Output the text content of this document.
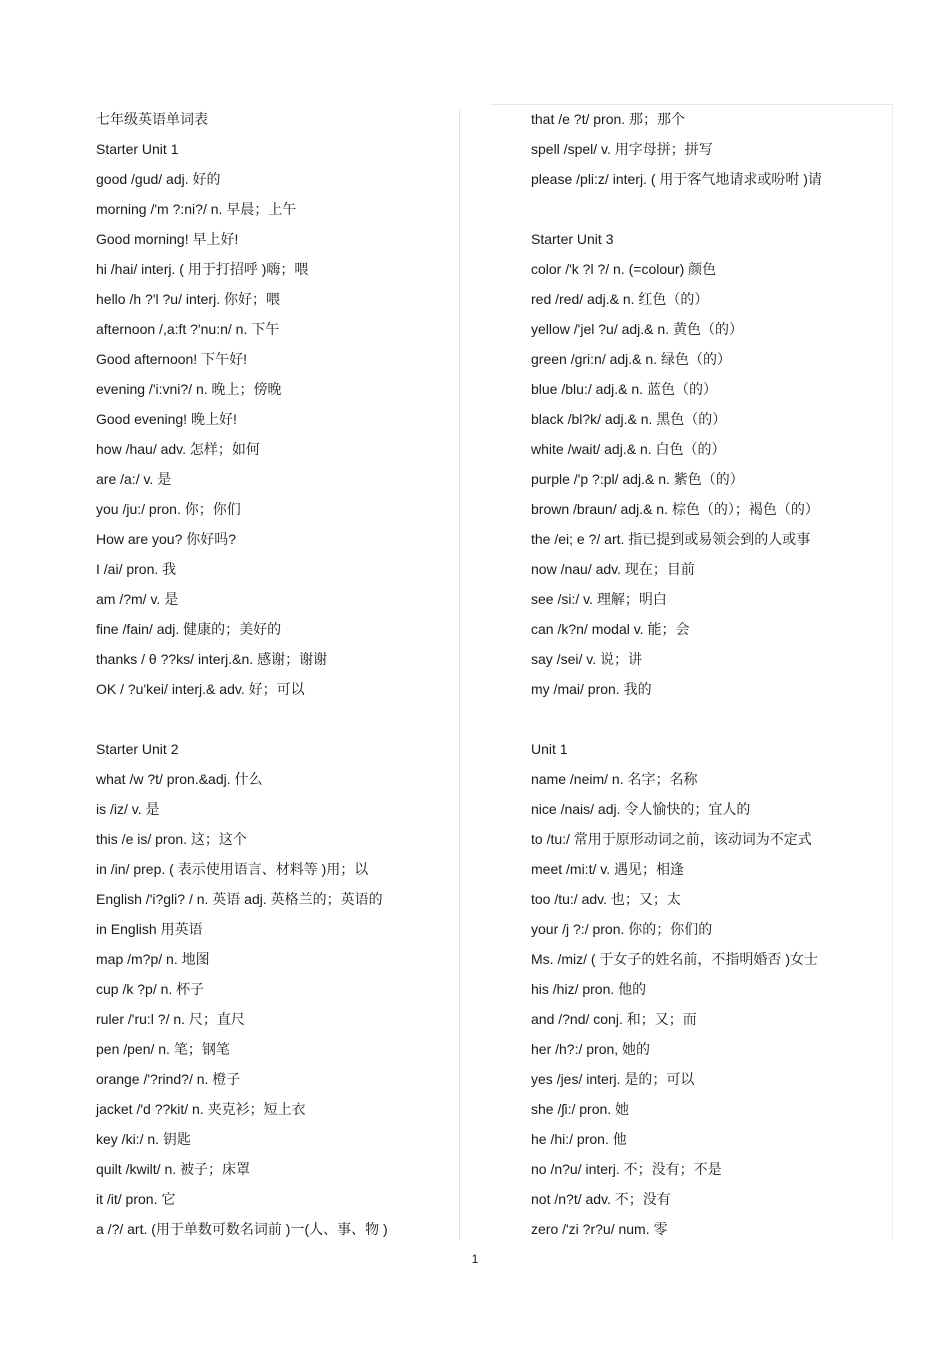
七年级英语单词表
Starter Unit 1
good /gud/ adj. 好的
morning /'m ?:ni?/ n. 早晨；上午
Good morning! 早上好!
hi /hai/ interj. ( 用于打招呼 )嗨；喂
hello /h ?'l ?u/ interj. 你好；喂
afternoon /,a:ft ?'nu:n/ n. 下午
Good afternoon! 下午好!
evening /'i:vni?/ n. 晚上；傍晚
Good evening! 晚上好!
how /hau/ adv. 怎样；如何
are /a:/ v. 是
you /ju:/ pron. 你；你们
How are you? 你好吗?
I /ai/ pron. 我
am /?m/ v. 是
fine /fain/ adj. 健康的；美好的
thanks / θ ??ks/ interj.&n. 感谢；谢谢
OK / ?u'kei/ interj.& adv. 好；可以
Starter Unit 2
what /w ?t/ pron.&adj. 什么
is /iz/ v. 是
this /e is/ pron. 这；这个
in /in/ prep. ( 表示使用语言、材料等 )用；以
English /'i?gli? / n. 英语 adj. 英格兰的；英语的
in English 用英语
map /m?p/ n. 地图
cup /k ?p/ n. 杯子
ruler /'ru:l ?/ n. 尺；直尺
pen /pen/ n. 笔；钢笔
orange /'?rind?/ n. 橙子
jacket /'d ??kit/ n. 夹克衫；短上衣
key /ki:/ n. 钥匙
quilt /kwilt/ n. 被子；床罩
it /it/ pron. 它
a /?/ art. (用于单数可数名词前 )一(人、事、物 )
that /e ?t/ pron. 那；那个
spell /spel/ v. 用字母拼；拼写
please /pli:z/ interj. ( 用于客气地请求或吩咐 )请
Starter Unit 3
color /'k ?l ?/ n. (=colour) 颜色
red /red/ adj.& n. 红色（的）
yellow /'jel ?u/ adj.& n. 黄色（的）
green /gri:n/ adj.& n. 绿色（的）
blue /blu:/ adj.& n. 蓝色（的）
black /bl?k/ adj.& n. 黑色（的）
white /wait/ adj.& n. 白色（的）
purple /'p ?:pl/ adj.& n. 紫色（的）
brown /braun/ adj.& n. 棕色（的）；褐色（的）
the /ei; e ?/ art. 指已提到或易领会到的人或事
now /nau/ adv. 现在；目前
see /si:/ v. 理解；明白
can /k?n/ modal v. 能；会
say /sei/ v. 说；讲
my /mai/ pron. 我的
Unit 1
name /neim/ n. 名字；名称
nice /nais/ adj. 令人愉快的；宜人的
to /tu:/ 常用于原形动词之前，该动词为不定式
meet /mi:t/ v. 遇见；相逢
too /tu:/ adv. 也；又；太
your /j ?:/ pron. 你的；你们的
Ms. /miz/ ( 于女子的姓名前，不指明婚否 )女士
his /hiz/ pron. 他的
and /?nd/ conj. 和；又；而
her /h?:/ pron, 她的
yes /jes/ interj. 是的；可以
she /ʃi:/ pron. 她
he /hi:/ pron. 他
no /n?u/ interj. 不；没有；不是
not /n?t/ adv. 不；没有
zero /'zi ?r?u/ num. 零
1
